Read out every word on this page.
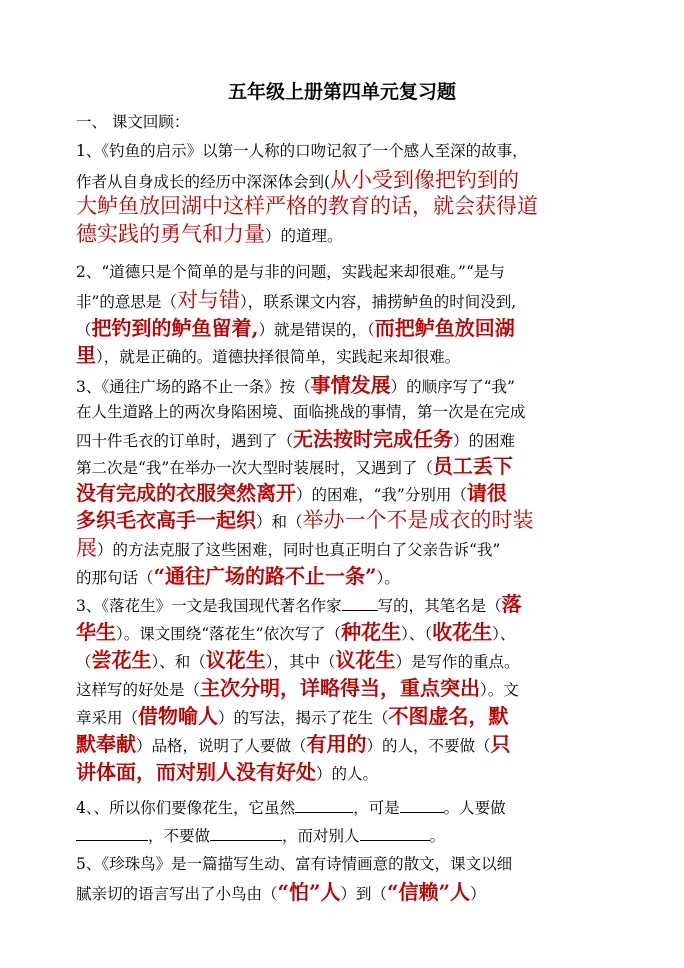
五年级上册第四单元复习题
一、 课文回顾：
1、《钓鱼的启示》以第一人称的口吻记叙了一个感人至深的故事，
作者从自身成长的经历中深深体会到(从小受到像把钓到的
大鲈鱼放回湖中这样严格的教育的话，就会获得道
德实践的勇气和力量）的道理。
2、“道德只是个简单的是与非的问题，实践起来却很难。”“是与
非”的意思是（对与错），联系课文内容，捕捞鲈鱼的时间没到,
（把钓到的鲈鱼留着,）就是错误的，（而把鲈鱼放回湖
里），就是正确的。道德抉择很简单，实践起来却很难。
3、《通往广场的路不止一条》按（事情发展）的顺序写了“我”
在人生道路上的两次身陷困境、面临挑战的事情，第一次是在完成
四十件毛衣的订单时，遇到了（无法按时完成任务）的困难
第二次是“我”在举办一次大型时装展时，又遇到了（员工丢下
没有完成的衣服突然离开）的困难，“我”分别用（请很
多织毛衣高手一起织）和（举办一个不是成衣的时装
展）的方法克服了这些困难，同时也真正明白了父亲告诉“我”
的那句话（“通往广场的路不止一条”）。
3、《落花生》一文是我国现代著名作家 写的，其笔名是（落
华生）。课文围绕“落花生”依次写了（种花生）、（收花生）、
（尝花生）、和（议花生），其中（议花生）是写作的重点。
这样写的好处是（主次分明，详略得当，重点突出）。文
章采用（借物喻人）的写法，揭示了花生（不图虚名，默
默奉献）品格，说明了人要做（有用的）的人，不要做（只
讲体面，而对别人没有好处）的人。
4、、所以你们要像花生，它虽然	，可是	。人要做
，不要做	，而对别人	。
5、《珍珠鸟》是一篇描写生动、富有诗情画意的散文，课文以细
腻亲切的语言写出了小鸟由（“怕”人）到（“信赖”人）
